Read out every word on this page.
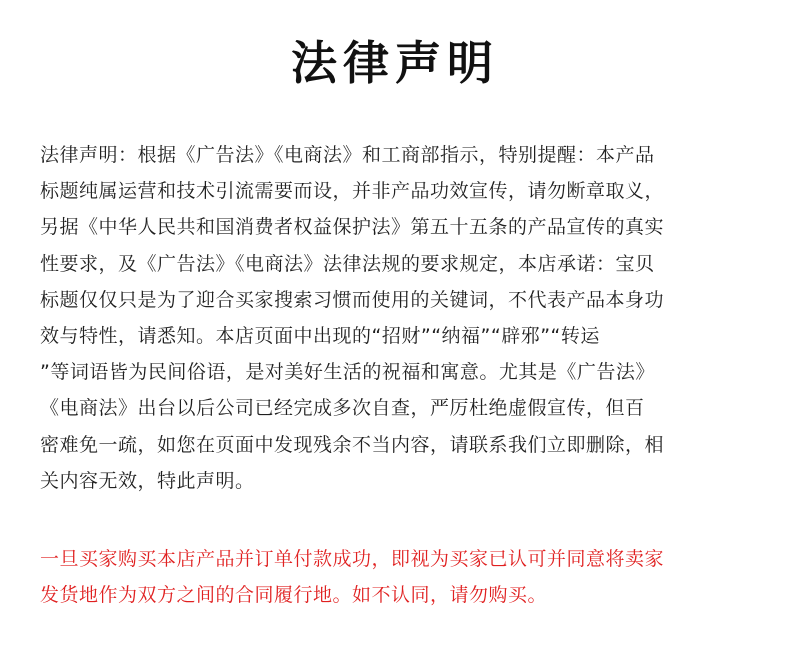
法律声明
法律声明：根据《广告法》《电商法》和工商部指示，特别提醒：本产品
标题纯属运营和技术引流需要而设，并非产品功效宣传，请勿断章取义，
另据《中华人民共和国消费者权益保护法》第五十五条的产品宣传的真实
性要求，及《广告法》《电商法》法律法规的要求规定，本店承诺：宝贝
标题仅仅只是为了迎合买家搜索习惯而使用的关键词，不代表产品本身功
效与特性，请悉知。本店页面中出现的“招财”“纳福”“辟邪”“转运
”等词语皆为民间俗语，是对美好生活的祝福和寓意。尤其是《广告法》
《电商法》出台以后公司已经完成多次自查，严厉杜绝虚假宣传，但百
密难免一疏，如您在页面中发现残余不当内容，请联系我们立即删除，相
关内容无效，特此声明。
一旦买家购买本店产品并订单付款成功，即视为买家已认可并同意将卖家
发货地作为双方之间的合同履行地。如不认同，请勿购买。
